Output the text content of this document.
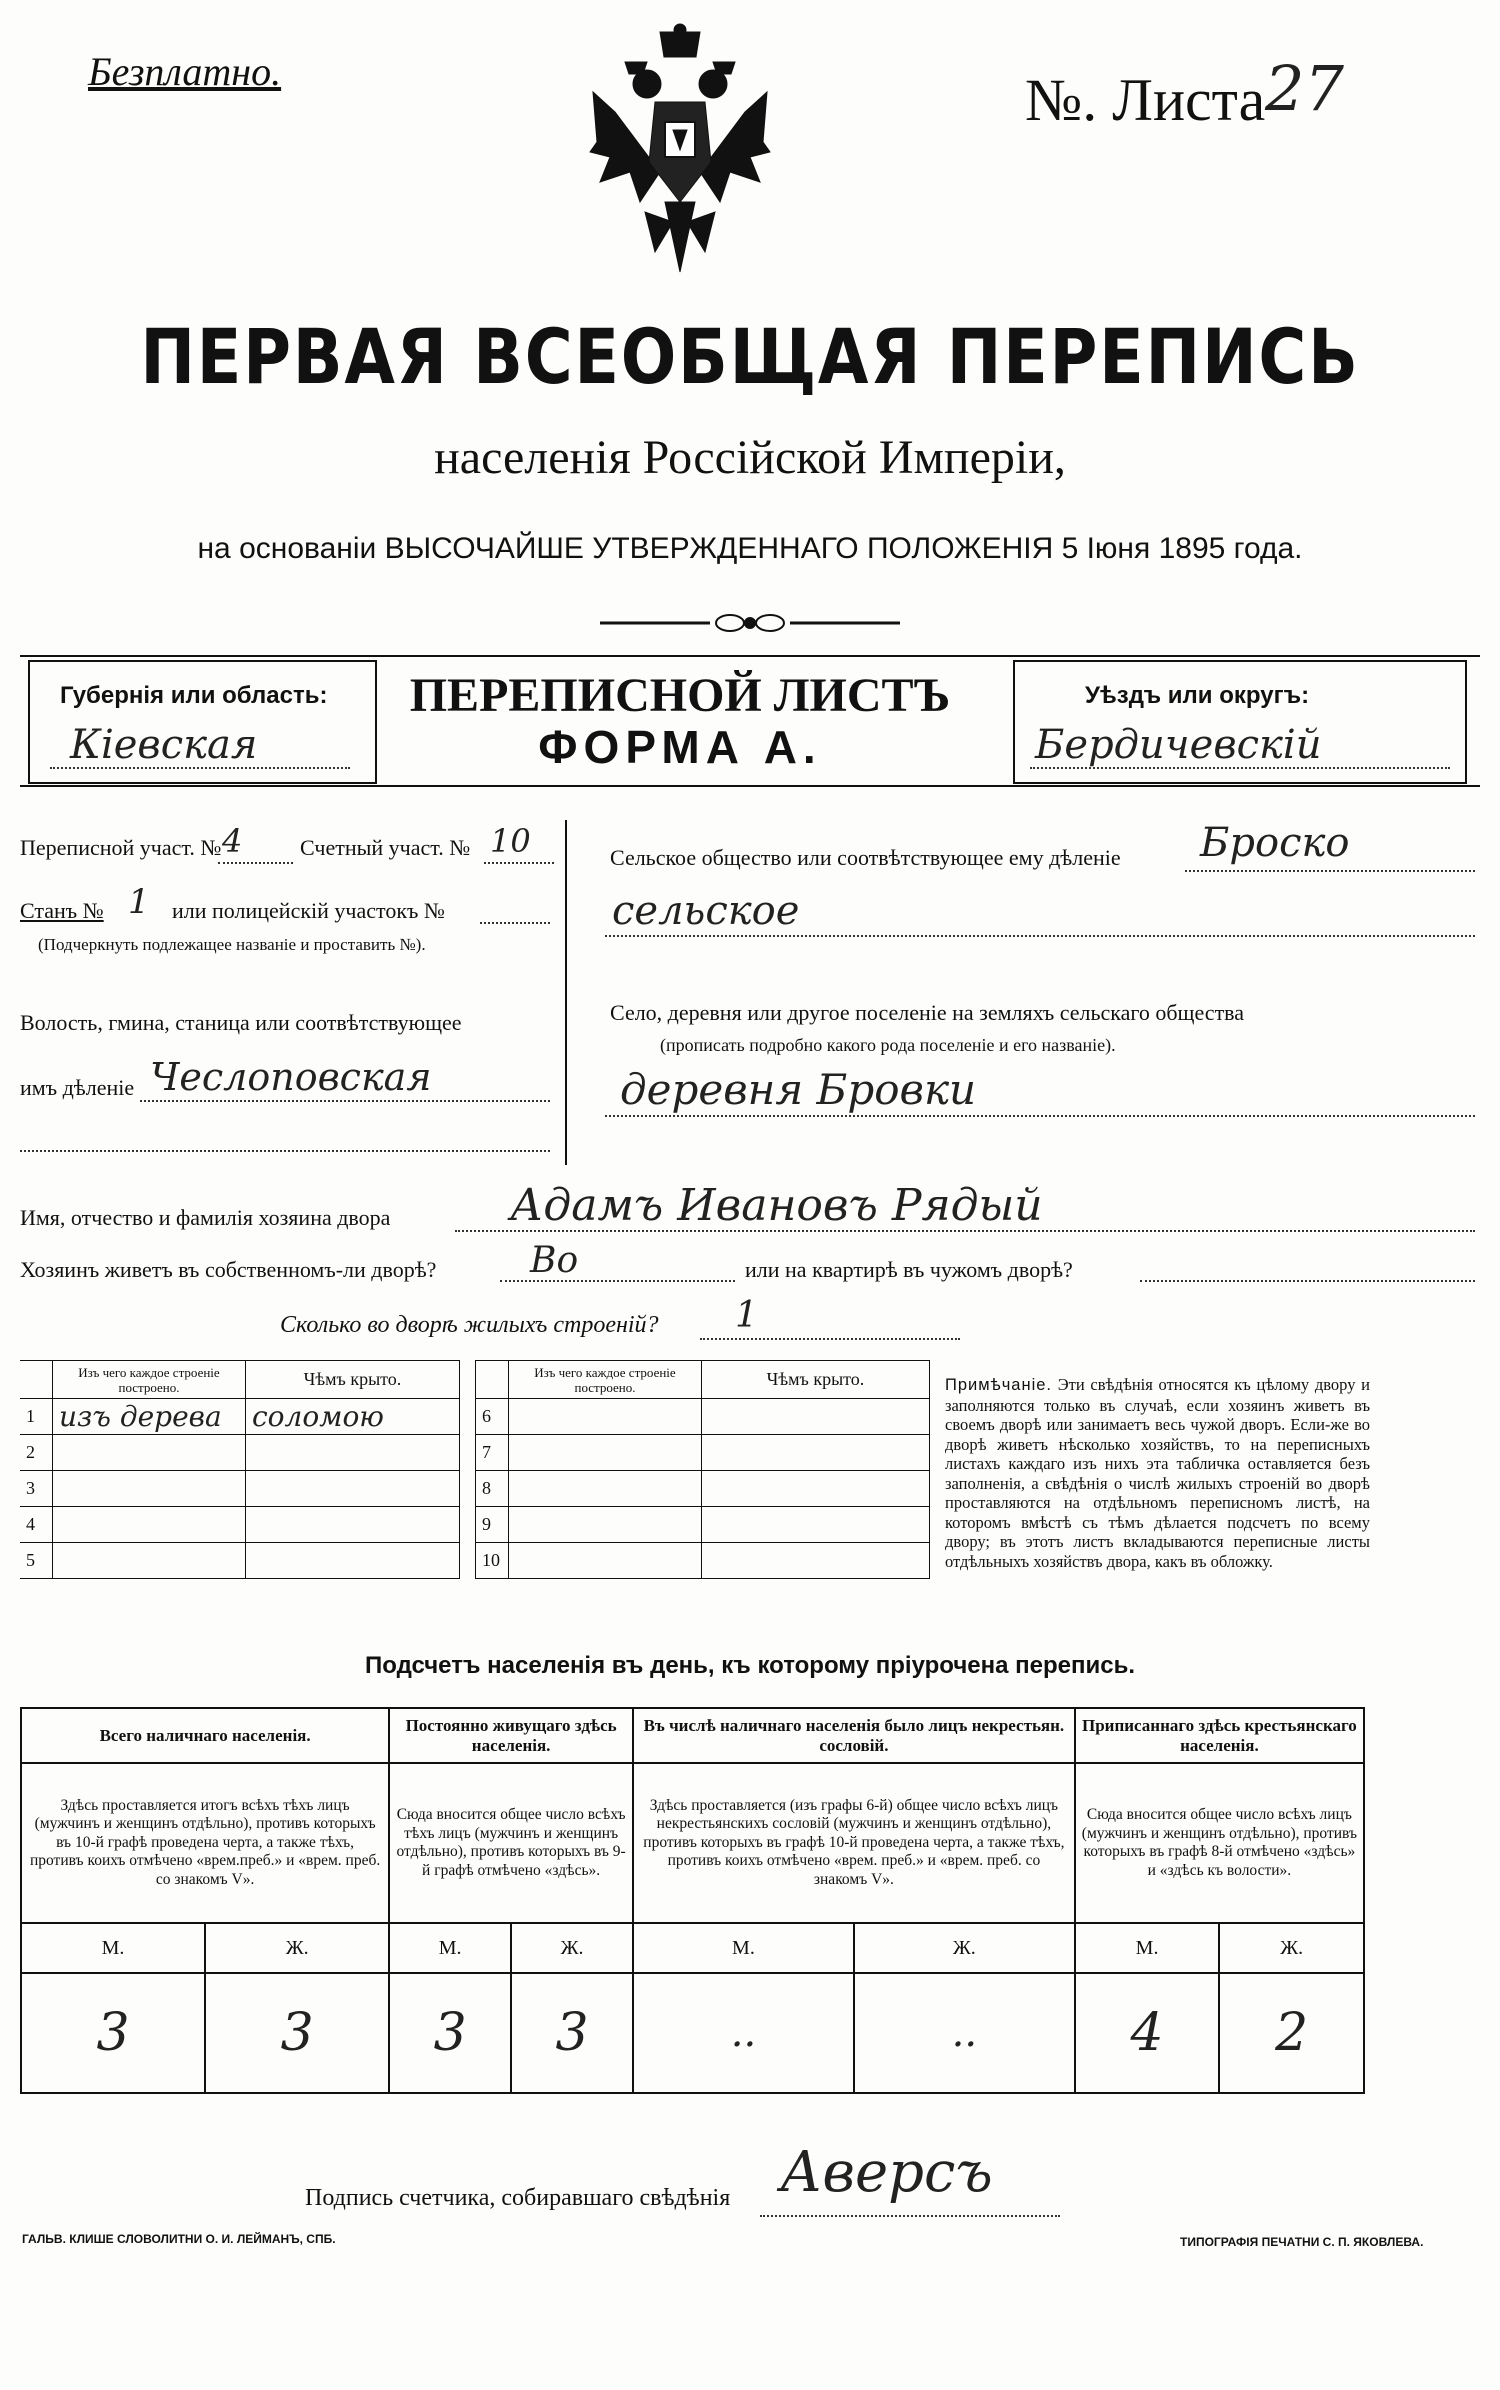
Безплатно.	№. Листа 27
ПЕРВАЯ ВСЕОБЩАЯ ПЕРЕПИСЬ
населенія Россійской Имперіи,
на основаніи ВЫСОЧАЙШЕ УТВЕРЖДЕННАГО ПОЛОЖЕНІЯ 5 Іюня 1895 года.
Губернія или область:
Кіевская
ПЕРЕПИСНОЙ ЛИСТЪ
ФОРМА А.
Уѣздъ или округъ:
Бердичевскій
Переписной участ. № 4	Счетный участ. № 10
Станъ № 1 или полицейскій участокъ №
(Подчеркнуть подлежащее названіе и проставить №).
Волость, гмина, станица или соотвѣтствующее
имъ дѣленіе Чеслоповская
Сельское общество или соотвѣтствующее ему дѣленіе Броско
сельское
Село, деревня или другое поселеніе на земляхъ сельскаго общества
(прописать подробно какого рода поселеніе и его названіе).
деревня Бровки
Имя, отчество и фамилія хозяина двора	Адамъ Ивановъ Рядый
Хозяинъ живетъ въ собственномъ-ли дворѣ?	Во	или на квартирѣ въ чужомъ дворѣ?
Сколько во дворѣ жилыхъ строеній? 1
	Изъ чего каждое строеніе построено.	Чѣмъ крыто.
1	изъ дерева	соломою
2		
3		
4		
5		
	Изъ чего каждое строеніе построено.	Чѣмъ крыто.
6		
7		
8		
9		
10		
Примѣчаніе. Эти свѣдѣнія относятся къ цѣлому двору и заполняются только въ случаѣ, если хозяинъ живетъ въ своемъ дворѣ или занимаетъ весь чужой дворъ. Если-же во дворѣ живетъ нѣсколько хозяйствъ, то на переписныхъ листахъ каждаго изъ нихъ эта табличка оставляется безъ заполненія, а свѣдѣнія о числѣ жилыхъ строеній во дворѣ проставляются на отдѣльномъ переписномъ листѣ, на которомъ вмѣстѣ съ тѣмъ дѣлается подсчетъ по всему двору; въ этотъ листъ вкладываются переписные листы отдѣльныхъ хозяйствъ двора, какъ въ обложку.
Подсчетъ населенія въ день, къ которому пріурочена перепись.
Всего наличнаго населенія.		Постоянно живущаго здѣсь населенія.		Въ числѣ наличнаго населенія было лицъ некрестьян. сословій.		Приписаннаго здѣсь крестьянскаго населенія.	
Здѣсь проставляется итогъ всѣхъ тѣхъ лицъ (мужчинъ и женщинъ отдѣльно), противъ которыхъ въ 10-й графѣ проведена черта, а также тѣхъ, противъ коихъ отмѣчено «врем.преб.» и «врем. преб. со знакомъ V».		Сюда вносится общее число всѣхъ тѣхъ лицъ (мужчинъ и женщинъ отдѣльно), противъ которыхъ въ 9-й графѣ отмѣчено «здѣсь».		Здѣсь проставляется (изъ графы 6-й) общее число всѣхъ лицъ некрестьянскихъ сословій (мужчинъ и женщинъ отдѣльно), противъ которыхъ въ графѣ 10-й проведена черта, а также тѣхъ, противъ коихъ отмѣчено «врем. преб.» и «врем. преб. со знакомъ V».		Сюда вносится общее число всѣхъ лицъ (мужчинъ и женщинъ отдѣльно), противъ которыхъ въ графѣ 8-й отмѣчено «здѣсь» и «здѣсь къ волости».	
М.	Ж.	М.	Ж.	М.	Ж.	М.	Ж.
3	3	3	3	..	..	4	2
Подпись счетчика, собиравшаго свѣдѣнія Аверсъ
ГАЛЬВ. КЛИШЕ СЛОВОЛИТНИ О. И. ЛЕЙМАНЪ, СПБ.	ТИПОГРАФІЯ ПЕЧАТНИ С. П. ЯКОВЛЕВА.
